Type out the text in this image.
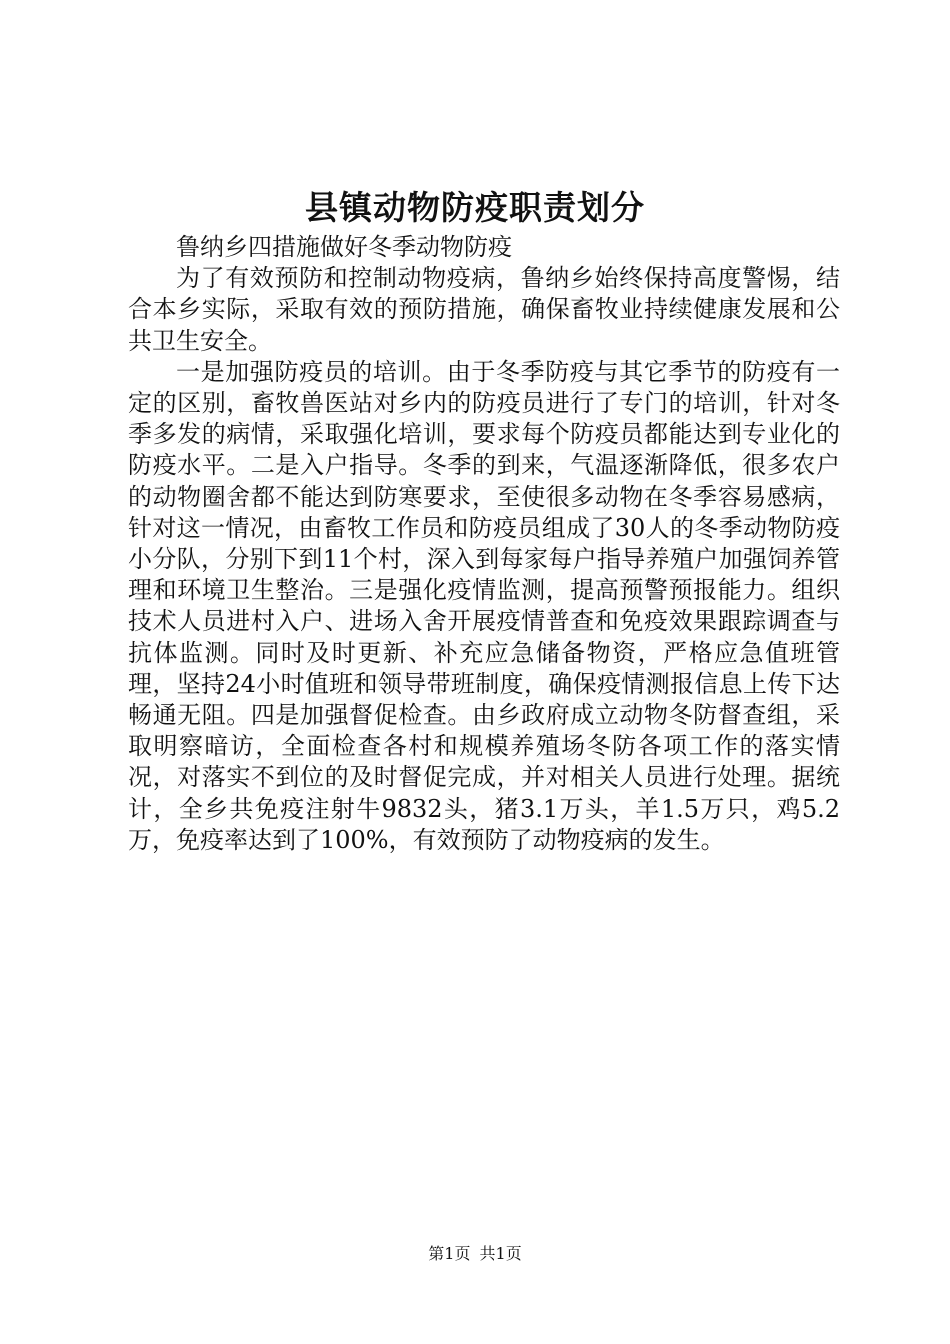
县镇动物防疫职责划分

鲁纳乡四措施做好冬季动物防疫

为了有效预防和控制动物疫病，鲁纳乡始终保持高度警惕，结合本乡实际，采取有效的预防措施，确保畜牧业持续健康发展和公共卫生安全。

一是加强防疫员的培训。由于冬季防疫与其它季节的防疫有一定的区别，畜牧兽医站对乡内的防疫员进行了专门的培训，针对冬季多发的病情，采取强化培训，要求每个防疫员都能达到专业化的防疫水平。二是入户指导。冬季的到来，气温逐渐降低，很多农户的动物圈舍都不能达到防寒要求，至使很多动物在冬季容易感病，针对这一情况，由畜牧工作员和防疫员组成了30人的冬季动物防疫小分队，分别下到11个村，深入到每家每户指导养殖户加强饲养管理和环境卫生整治。三是强化疫情监测，提高预警预报能力。组织技术人员进村入户、进场入舍开展疫情普查和免疫效果跟踪调查与抗体监测。同时及时更新、补充应急储备物资，严格应急值班管理，坚持24小时值班和领导带班制度，确保疫情测报信息上传下达畅通无阻。四是加强督促检查。由乡政府成立动物冬防督查组，采取明察暗访，全面检查各村和规模养殖场冬防各项工作的落实情况，对落实不到位的及时督促完成，并对相关人员进行处理。据统计，全乡共免疫注射牛9832头，猪3.1万头，羊1.5万只，鸡5.2万，免疫率达到了100%，有效预防了动物疫病的发生。

第1页 共1页
